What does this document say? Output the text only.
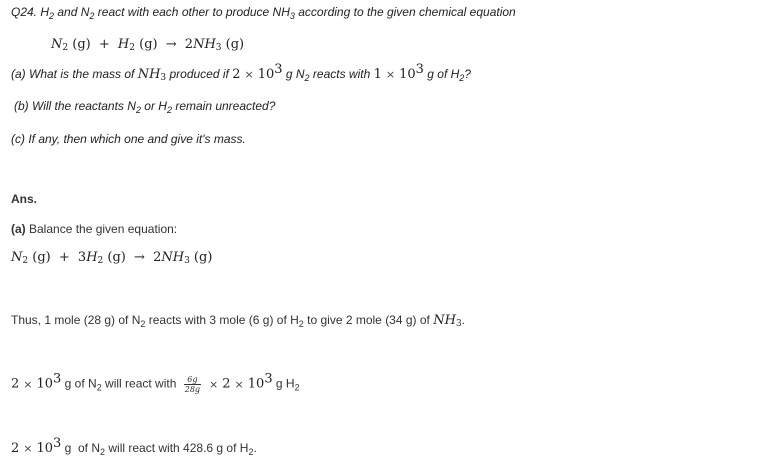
Q24. $H_2$ and $N_2$ react with each other to produce $NH_3$ according to the given chemical equation
N2 (g) + H2 (g) → 2NH3 (g)
(a) What is the mass of NH3 produced if $2 \times 10^3$ g $N_2$ reacts with $1 \times 10^3$ g of $H_2$?
(b) Will the reactants $N_2$ or $H_2$ remain unreacted?
(c) If any, then which one and give it's mass.
Ans.
(a) Balance the given equation:
N2 (g) + 3H2 (g) → 2NH3 (g)
Thus, 1 mole (28 g) of $N_2$ reacts with 3 mole (6 g) of $H_2$ to give 2 mole (34 g) of NH3.
$2 \times 10^3$ g of $N_2$ will react with $\frac{6g}{28g} \times 2 \times 10^3$ g $H_2$
$2 \times 10^3$ g  of $N_2$ will react with 428.6 g of $H_2$.
